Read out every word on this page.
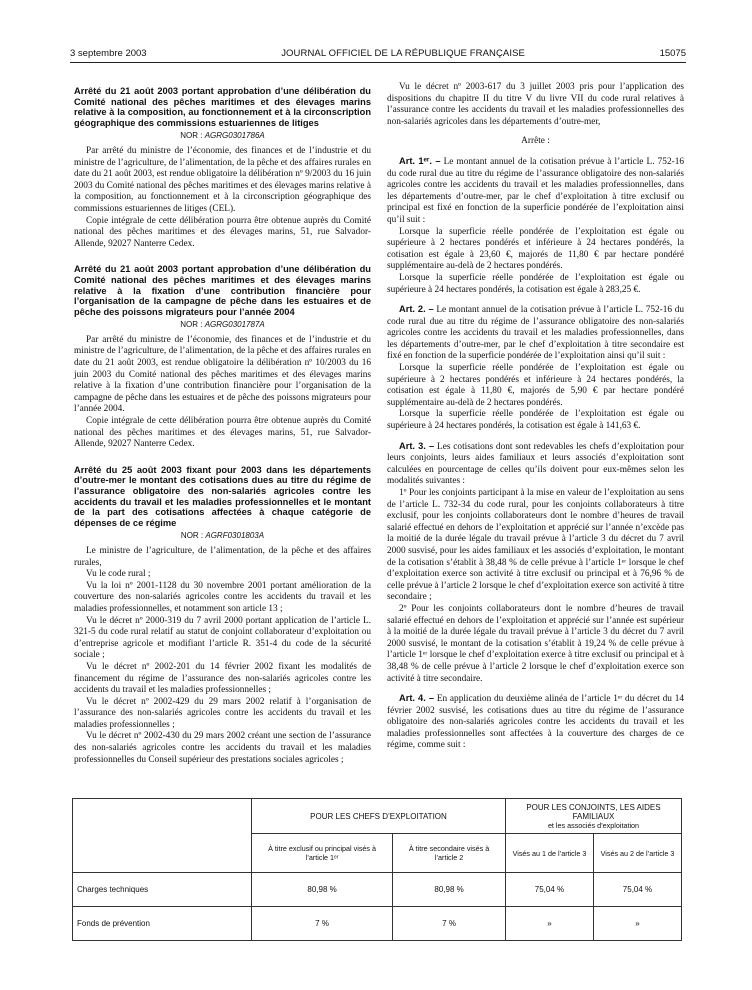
3 septembre 2003	JOURNAL OFFICIEL DE LA RÉPUBLIQUE FRANÇAISE	15075
Arrêté du 21 août 2003 portant approbation d’une délibération du Comité national des pêches maritimes et des élevages marins relative à la composition, au fonctionnement et à la circonscription géographique des commissions estuariennes de litiges
NOR : AGRG0301786A

Par arrêté du ministre de l’économie, des finances et de l’industrie et du ministre de l’agriculture, de l’alimentation, de la pêche et des affaires rurales en date du 21 août 2003, est rendue obligatoire la délibération nº 9/2003 du 16 juin 2003 du Comité national des pêches maritimes et des élevages marins relative à la composition, au fonctionnement et à la circonscription géographique des commissions estuariennes de litiges (CEL).

Copie intégrale de cette délibération pourra être obtenue auprès du Comité national des pêches maritimes et des élevages marins, 51, rue Salvador-Allende, 92027 Nanterre Cedex.

Arrêté du 21 août 2003 portant approbation d’une délibération du Comité national des pêches maritimes et des élevages marins relative à la fixation d’une contribution financière pour l’organisation de la campagne de pêche dans les estuaires et de pêche des poissons migrateurs pour l’année 2004
NOR : AGRG0301787A

Par arrêté du ministre de l’économie, des finances et de l’industrie et du ministre de l’agriculture, de l’alimentation, de la pêche et des affaires rurales en date du 21 août 2003, est rendue obligatoire la délibération nº 10/2003 du 16 juin 2003 du Comité national des pêches maritimes et des élevages marins relative à la fixation d’une contribution financière pour l’organisation de la campagne de pêche dans les estuaires et de pêche des poissons migrateurs pour l’année 2004.

Copie intégrale de cette délibération pourra être obtenue auprès du Comité national des pêches maritimes et des élevages marins, 51, rue Salvador-Allende, 92027 Nanterre Cedex.

Arrêté du 25 août 2003 fixant pour 2003 dans les départements d’outre-mer le montant des cotisations dues au titre du régime de l’assurance obligatoire des non-salariés agricoles contre les accidents du travail et les maladies professionnelles et le montant de la part des cotisations affectées à chaque catégorie de dépenses de ce régime
NOR : AGRF0301803A

Le ministre de l’agriculture, de l’alimentation, de la pêche et des affaires rurales,

Vu le code rural ;

Vu la loi nº 2001-1128 du 30 novembre 2001 portant amélioration de la couverture des non-salariés agricoles contre les accidents du travail et les maladies professionnelles, et notamment son article 13 ;

Vu le décret nº 2000-319 du 7 avril 2000 portant application de l’article L. 321-5 du code rural relatif au statut de conjoint collaborateur d’exploitation ou d’entreprise agricole et modifiant l’article R. 351-4 du code de la sécurité sociale ;

Vu le décret nº 2002-201 du 14 février 2002 fixant les modalités de financement du régime de l’assurance des non-salariés agricoles contre les accidents du travail et les maladies professionnelles ;

Vu le décret nº 2002-429 du 29 mars 2002 relatif à l’organisation de l’assurance des non-salariés agricoles contre les accidents du travail et les maladies professionnelles ;

Vu le décret nº 2002-430 du 29 mars 2002 créant une section de l’assurance des non-salariés agricoles contre les accidents du travail et les maladies professionnelles du Conseil supérieur des prestations sociales agricoles ;

Vu le décret nº 2003-617 du 3 juillet 2003 pris pour l’application des dispositions du chapitre II du titre V du livre VII du code rural relatives à l’assurance contre les accidents du travail et les maladies professionnelles des non-salariés agricoles dans les départements d’outre-mer,

Arrête :

Art. 1ᵉʳ. – Le montant annuel de la cotisation prévue à l’article L. 752-16 du code rural due au titre du régime de l’assurance obligatoire des non-salariés agricoles contre les accidents du travail et les maladies professionnelles, dans les départements d’outre-mer, par le chef d’exploitation à titre exclusif ou principal est fixé en fonction de la superficie pondérée de l’exploitation ainsi qu’il suit :

Lorsque la superficie réelle pondérée de l’exploitation est égale ou supérieure à 2 hectares pondérés et inférieure à 24 hectares pondérés, la cotisation est égale à 23,60 €, majorés de 11,80 € par hectare pondéré supplémentaire au-delà de 2 hectares pondérés.

Lorsque la superficie réelle pondérée de l’exploitation est égale ou supérieure à 24 hectares pondérés, la cotisation est égale à 283,25 €.

Art. 2. – Le montant annuel de la cotisation prévue à l’article L. 752-16 du code rural due au titre du régime de l’assurance obligatoire des non-salariés agricoles contre les accidents du travail et les maladies professionnelles, dans les départements d’outre-mer, par le chef d’exploitation à titre secondaire est fixé en fonction de la superficie pondérée de l’exploitation ainsi qu’il suit :

Lorsque la superficie réelle pondérée de l’exploitation est égale ou supérieure à 2 hectares pondérés et inférieure à 24 hectares pondérés, la cotisation est égale à 11,80 €, majorés de 5,90 € par hectare pondéré supplémentaire au-delà de 2 hectares pondérés.

Lorsque la superficie réelle pondérée de l’exploitation est égale ou supérieure à 24 hectares pondérés, la cotisation est égale à 141,63 €.

Art. 3. – Les cotisations dont sont redevables les chefs d’exploitation pour leurs conjoints, leurs aides familiaux et leurs associés d’exploitation sont calculées en pourcentage de celles qu’ils doivent pour eux-mêmes selon les modalités suivantes :

1º Pour les conjoints participant à la mise en valeur de l’exploitation au sens de l’article L. 732-34 du code rural, pour les conjoints collaborateurs à titre exclusif, pour les conjoints collaborateurs dont le nombre d’heures de travail salarié effectué en dehors de l’exploitation et apprécié sur l’année n’excède pas la moitié de la durée légale du travail prévue à l’article 3 du décret du 7 avril 2000 susvisé, pour les aides familiaux et les associés d’exploitation, le montant de la cotisation s’établit à 38,48 % de celle prévue à l’article 1ᵉʳ lorsque le chef d’exploitation exerce son activité à titre exclusif ou principal et à 76,96 % de celle prévue à l’article 2 lorsque le chef d’exploitation exerce son activité à titre secondaire ;

2º Pour les conjoints collaborateurs dont le nombre d’heures de travail salarié effectué en dehors de l’exploitation et apprécié sur l’année est supérieur à la moitié de la durée légale du travail prévue à l’article 3 du décret du 7 avril 2000 susvisé, le montant de la cotisation s’établit à 19,24 % de celle prévue à l’article 1ᵉʳ lorsque le chef d’exploitation exerce à titre exclusif ou principal et à 38,48 % de celle prévue à l’article 2 lorsque le chef d’exploitation exerce son activité à titre secondaire.

Art. 4. – En application du deuxième alinéa de l’article 1ᵉʳ du décret du 14 février 2002 susvisé, les cotisations dues au titre du régime de l’assurance obligatoire des non-salariés agricoles contre les accidents du travail et les maladies professionnelles sont affectées à la couverture des charges de ce régime, comme suit :

	POUR LES CHEFS D’EXPLOITATION		POUR LES CONJOINTS, LES AIDES FAMILIAUX
et les associés d’exploitation	

	À titre exclusif ou principal visés à l’article 1ᵉʳ	À titre secondaire visés à l’article 2	Visés au 1 de l’article 3	Visés au 2 de l’article 3
Charges techniques	80,98 %	80,98 %	75,04 %	75,04 %
Fonds de prévention	7 %	7 %	»	»
